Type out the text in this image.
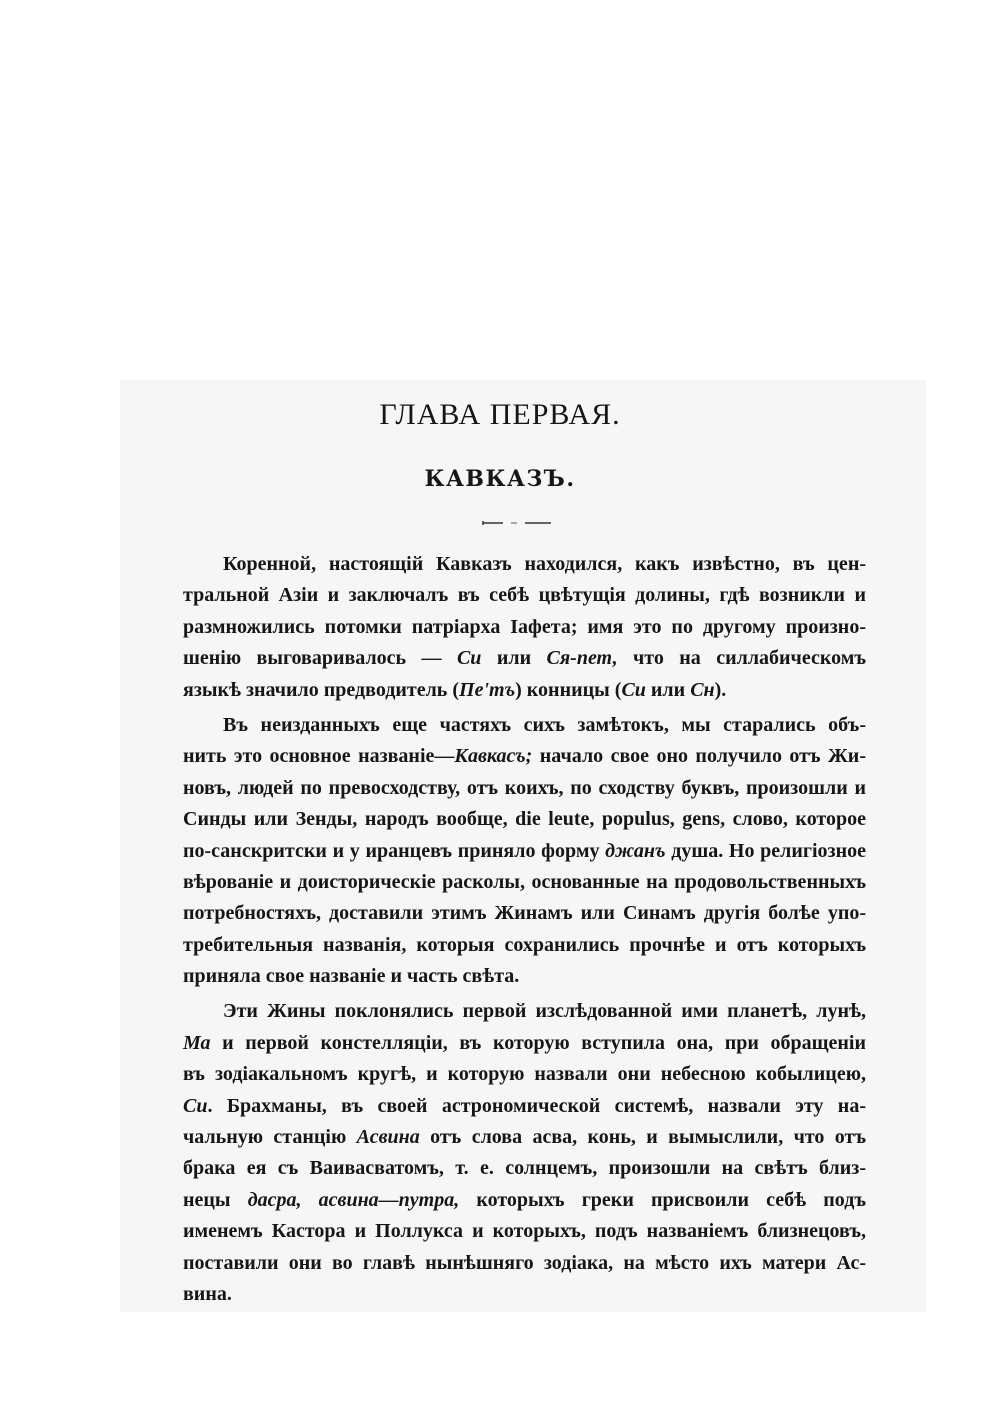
ГЛАВА ПЕРВАЯ.
КАВКАЗЪ.
Коренной, настоящій Кавказъ находился, какъ извѣстно, въ цен-
тральной Азіи и заключалъ въ себѣ цвѣтущія долины, гдѣ возникли и
размножились потомки патріарха Іафета; имя это по другому произно-
шенію выговаривалось — Си или Ся-пет, что на силлабическомъ
языкѣ значило предводитель (Пе'тъ) конницы (Си или Сн).
Въ неизданныхъ еще частяхъ сихъ замѣтокъ, мы старались объ-
нить это основное названіе—Кавкасъ; начало свое оно получило отъ Жи-
новъ, людей по превосходству, отъ коихъ, по сходству буквъ, произошли и
Синды или Зенды, народъ вообще, die leute, populus, gens, слово, которое
по-санскритски и у иранцевъ приняло форму джанъ душа. Но религіозное
вѣрованіе и доисторическіе расколы, основанные на продовольственныхъ
потребностяхъ, доставили этимъ Жинамъ или Синамъ другія болѣе упо-
требительныя названія, которыя сохранились прочнѣе и отъ которыхъ
приняла свое названіе и часть свѣта.
Эти Жины поклонялись первой изслѣдованной ими планетѣ, лунѣ,
Ма и первой констелляціи, въ которую вступила она, при обращеніи
въ зодіакальномъ кругѣ, и которую назвали они небесною кобылицею,
Си. Брахманы, въ своей астрономической системѣ, назвали эту на-
чальную станцію Асвина отъ слова асва, конь, и вымыслили, что отъ
брака ея съ Ваивасватомъ, т. е. солнцемъ, произошли на свѣтъ близ-
нецы дасра, асвина—путра, которыхъ греки присвоили себѣ подъ
именемъ Кастора и Поллукса и которыхъ, подъ названіемъ близнецовъ,
поставили они во главѣ нынѣшняго зодіака, на мѣсто ихъ матери Ас-
вина.
